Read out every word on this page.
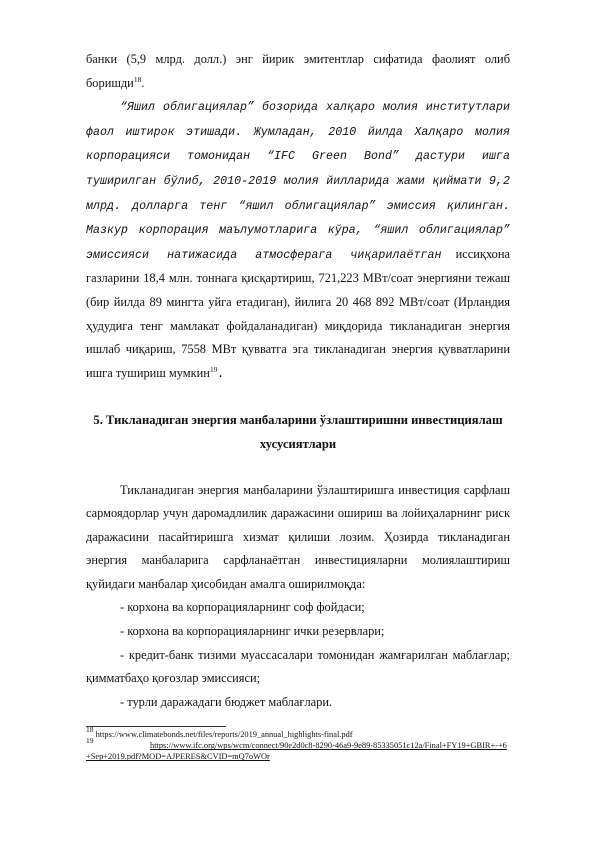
банки (5,9 млрд. долл.) энг йирик эмитентлар сифатида фаолият олиб боришди$^{18}$.

“Яшил облигациялар” бозорида халқаро молия институтлари фаол иштирок этишади. Жумладан, 2010 йилда Халқаро молия корпорацияси томонидан “IFC Green Bond” дастури ишга туширилган бўлиб, 2010-2019 молия йилларида жами қиймати 9,2 млрд. долларга тенг “яшил облигациялар” эмиссия қилинган. Мазкур корпорация маълумотларига кўра, “яшил облигациялар” эмиссияси натижасида атмосферага чиқарилаётган иссиқхона газларини 18,4 млн. тоннага қисқартириш, 721,223 МВт/соат энергияни тежаш (бир йилда 89 мингта уйга етадиган), йилига 20 468 892 МВт/соат (Ирландия ҳудудига тенг мамлакат фойдаланадиган) миқдорида тикланадиган энергия ишлаб чиқариш, 7558 МВт қувватга эга тикланадиган энергия қувватларини ишга тушириш мумкин$^{19}$.

5. Тикланадиган энергия манбаларини ўзлаштиришни инвестициялаш
хусусиятлари

Тикланадиган энергия манбаларини ўзлаштиришга инвестиция сарфлаш сармоядорлар учун даромадлилик даражасини ошириш ва лойиҳаларнинг риск даражасини пасайтиришга хизмат қилиши лозим. Ҳозирда тикланадиган энергия манбаларига сарфланаётган инвестицияларни молиялаштириш қуйидаги манбалар ҳисобидан амалга оширилмоқда:

- корхона ва корпорацияларнинг соф фойдаси;

- корхона ва корпорацияларнинг ички резервлари;

- кредит-банк тизими муассасалари томонидан жамғарилган маблағлар; қимматбаҳо қоғозлар эмиссияси;

- турли даражадаги бюджет маблағлари.

$^{18}$ https://www.climatebonds.net/files/reports/2019_annual_highlights-final.pdf

$^{19}$https://www.ifc.org/wps/wcm/connect/90e2d0c8-8290-46a9-9e89-85335051c12a/Final+FY19+GBIR+-+6+Sep+2019.pdf?MOD=AJPERES&CVID=mQ7oWOr
